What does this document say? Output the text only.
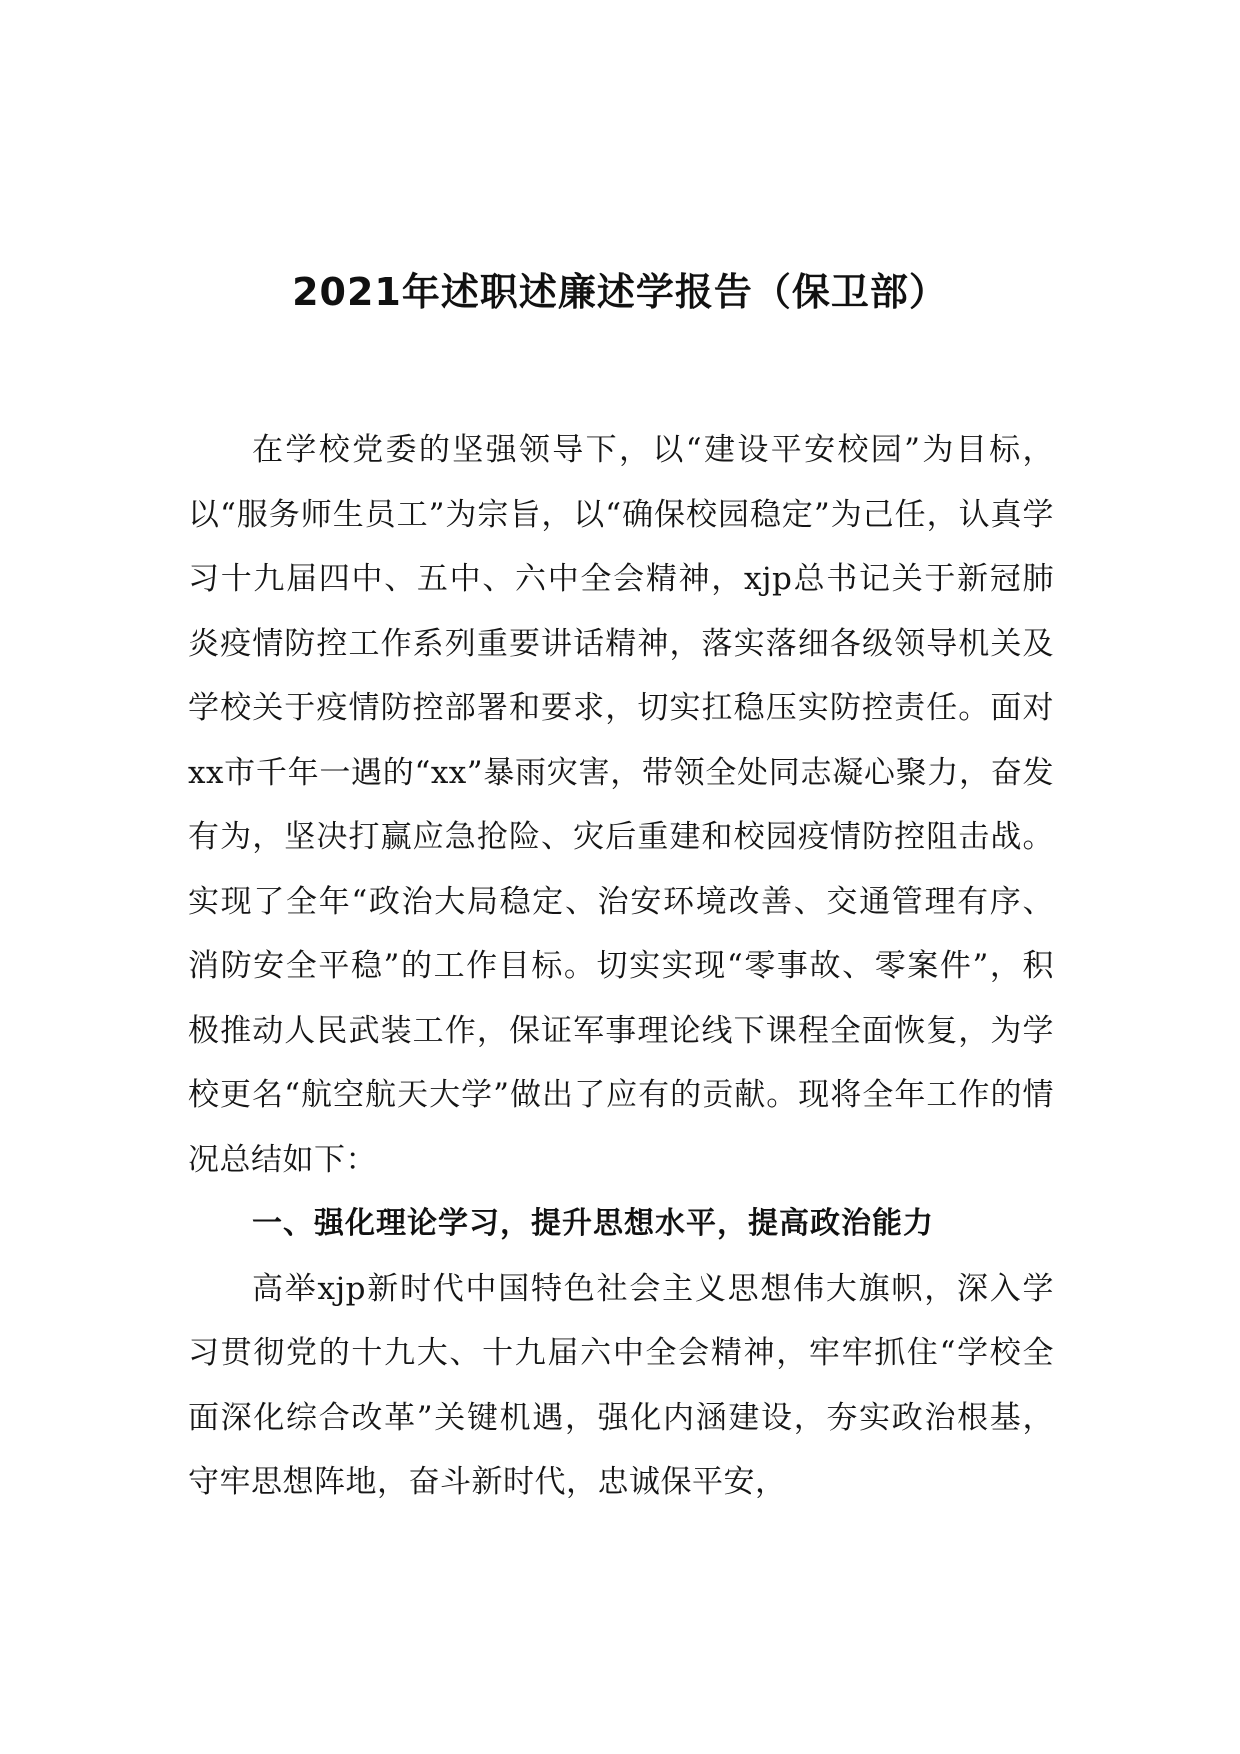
2021年述职述廉述学报告（保卫部）

在学校党委的坚强领导下，以“建设平安校园”为目标，以“服务师生员工”为宗旨，以“确保校园稳定”为己任，认真学习十九届四中、五中、六中全会精神，xjp总书记关于新冠肺炎疫情防控工作系列重要讲话精神，落实落细各级领导机关及学校关于疫情防控部署和要求，切实扛稳压实防控责任。面对xx市千年一遇的“xx”暴雨灾害，带领全处同志凝心聚力，奋发有为，坚决打赢应急抢险、灾后重建和校园疫情防控阻击战。实现了全年“政治大局稳定、治安环境改善、交通管理有序、消防安全平稳”的工作目标。切实实现“零事故、零案件”，积极推动人民武装工作，保证军事理论线下课程全面恢复，为学校更名“航空航天大学”做出了应有的贡献。现将全年工作的情况总结如下：

一、强化理论学习，提升思想水平，提高政治能力

高举xjp新时代中国特色社会主义思想伟大旗帜，深入学习贯彻党的十九大、十九届六中全会精神，牢牢抓住“学校全面深化综合改革”关键机遇，强化内涵建设，夯实政治根基，守牢思想阵地，奋斗新时代，忠诚保平安，
